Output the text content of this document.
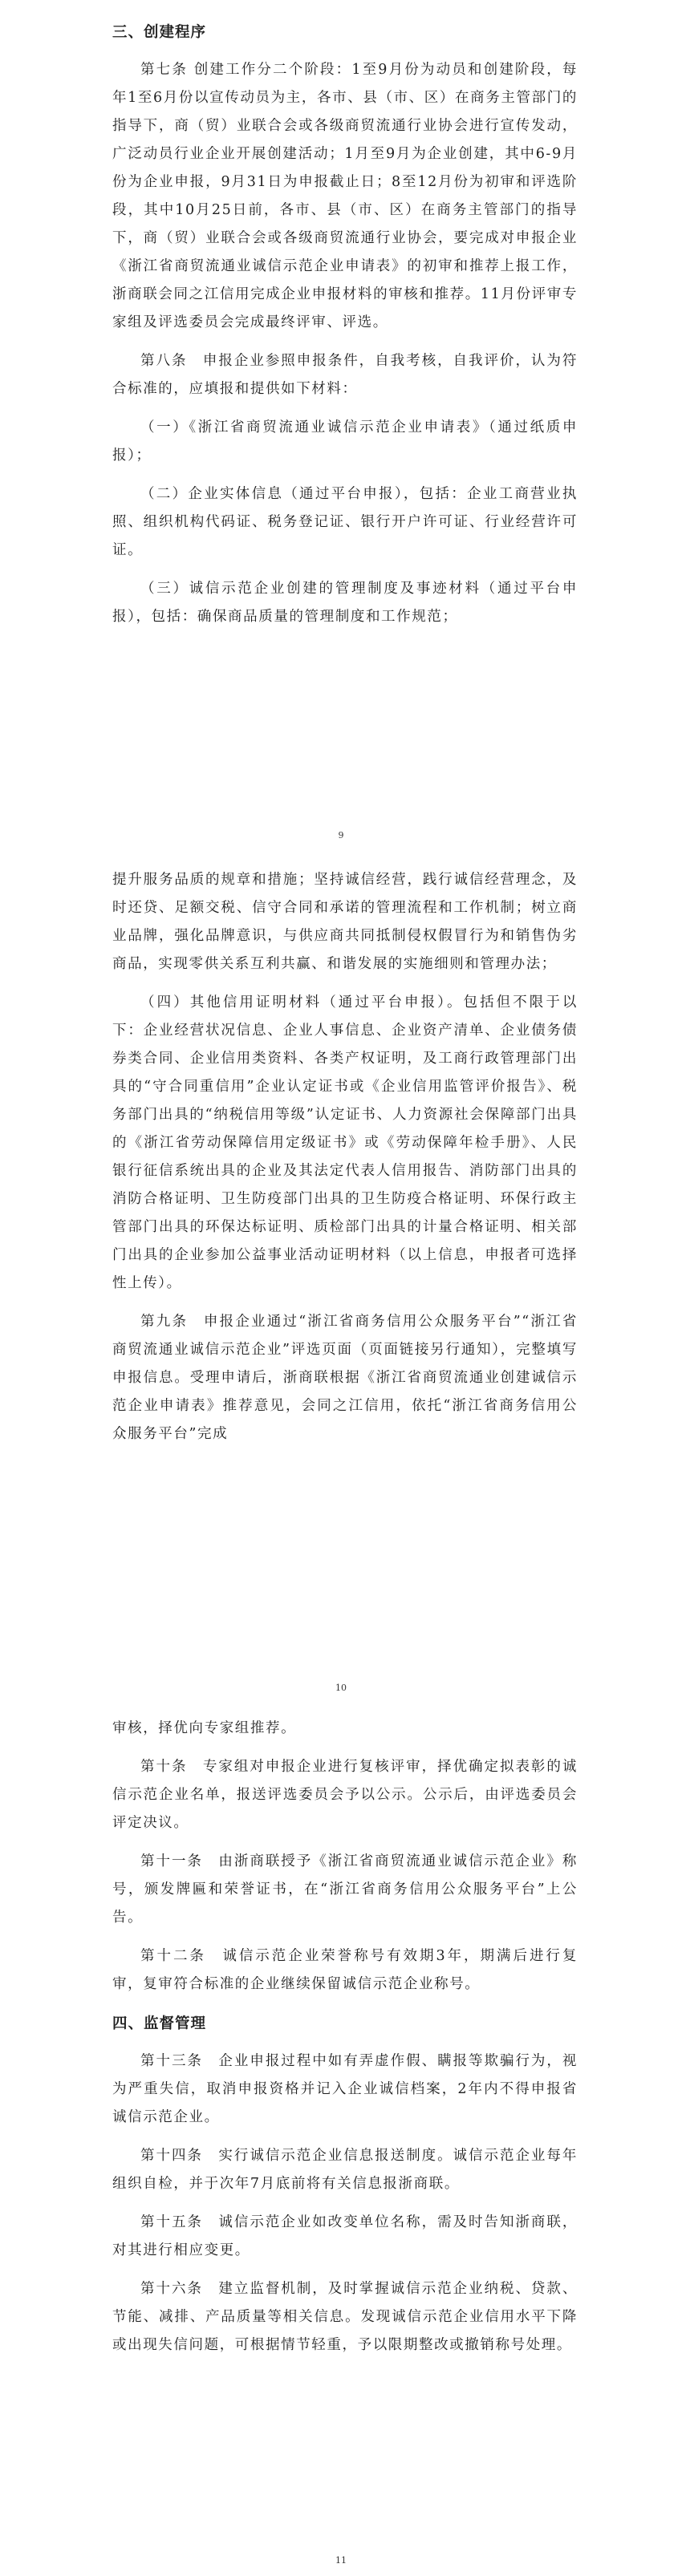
三、创建程序

第七条 创建工作分二个阶段：1至9月份为动员和创建阶段，每年1至6月份以宣传动员为主，各市、县（市、区）在商务主管部门的指导下，商（贸）业联合会或各级商贸流通行业协会进行宣传发动，广泛动员行业企业开展创建活动；1月至9月为企业创建，其中6-9月份为企业申报，9月31日为申报截止日；8至12月份为初审和评选阶段，其中10月25日前，各市、县（市、区）在商务主管部门的指导下，商（贸）业联合会或各级商贸流通行业协会，要完成对申报企业《浙江省商贸流通业诚信示范企业申请表》的初审和推荐上报工作，浙商联会同之江信用完成企业申报材料的审核和推荐。11月份评审专家组及评选委员会完成最终评审、评选。

第八条　申报企业参照申报条件，自我考核，自我评价，认为符合标准的，应填报和提供如下材料：

（一）《浙江省商贸流通业诚信示范企业申请表》（通过纸质申报）；

（二）企业实体信息（通过平台申报），包括：企业工商营业执照、组织机构代码证、税务登记证、银行开户许可证、行业经营许可证。

（三）诚信示范企业创建的管理制度及事迹材料（通过平台申报），包括：确保商品质量的管理制度和工作规范；

9

提升服务品质的规章和措施；坚持诚信经营，践行诚信经营理念，及时还贷、足额交税、信守合同和承诺的管理流程和工作机制；树立商业品牌，强化品牌意识，与供应商共同抵制侵权假冒行为和销售伪劣商品，实现零供关系互利共赢、和谐发展的实施细则和管理办法；

（四）其他信用证明材料（通过平台申报）。包括但不限于以下：企业经营状况信息、企业人事信息、企业资产清单、企业债务债券类合同、企业信用类资料、各类产权证明，及工商行政管理部门出具的“守合同重信用”企业认定证书或《企业信用监管评价报告》、税务部门出具的“纳税信用等级”认定证书、人力资源社会保障部门出具的《浙江省劳动保障信用定级证书》或《劳动保障年检手册》、人民银行征信系统出具的企业及其法定代表人信用报告、消防部门出具的消防合格证明、卫生防疫部门出具的卫生防疫合格证明、环保行政主管部门出具的环保达标证明、质检部门出具的计量合格证明、相关部门出具的企业参加公益事业活动证明材料（以上信息，申报者可选择性上传）。

第九条　申报企业通过“浙江省商务信用公众服务平台”“浙江省商贸流通业诚信示范企业”评选页面（页面链接另行通知），完整填写申报信息。受理申请后，浙商联根据《浙江省商贸流通业创建诚信示范企业申请表》推荐意见，会同之江信用，依托“浙江省商务信用公众服务平台”完成

10

审核，择优向专家组推荐。

第十条　专家组对申报企业进行复核评审，择优确定拟表彰的诚信示范企业名单，报送评选委员会予以公示。公示后，由评选委员会评定决议。

第十一条　由浙商联授予《浙江省商贸流通业诚信示范企业》称号，颁发牌匾和荣誉证书，在“浙江省商务信用公众服务平台”上公告。

第十二条　诚信示范企业荣誉称号有效期3年，期满后进行复审，复审符合标准的企业继续保留诚信示范企业称号。

四、监督管理

第十三条　企业申报过程中如有弄虚作假、瞒报等欺骗行为，视为严重失信，取消申报资格并记入企业诚信档案，2年内不得申报省诚信示范企业。

第十四条　实行诚信示范企业信息报送制度。诚信示范企业每年组织自检，并于次年7月底前将有关信息报浙商联。

第十五条　诚信示范企业如改变单位名称，需及时告知浙商联，对其进行相应变更。

第十六条　建立监督机制，及时掌握诚信示范企业纳税、贷款、节能、减排、产品质量等相关信息。发现诚信示范企业信用水平下降或出现失信问题，可根据情节轻重，予以限期整改或撤销称号处理。

11
